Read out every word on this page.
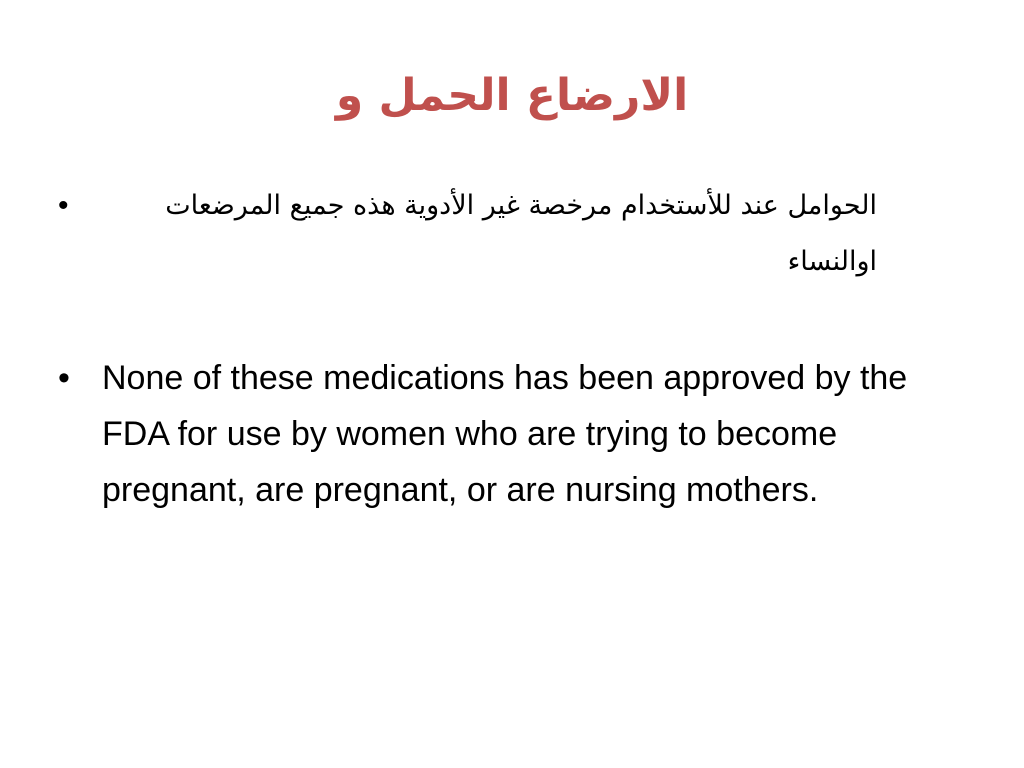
الارضاع الحمل و
•	الحوامل عند للأستخدام مرخصة غير الأدوية هذه جميع المرضعات اوالنساء
• None of these medications has been approved by the FDA for use by women who are trying to become pregnant, are pregnant, or are nursing mothers.
